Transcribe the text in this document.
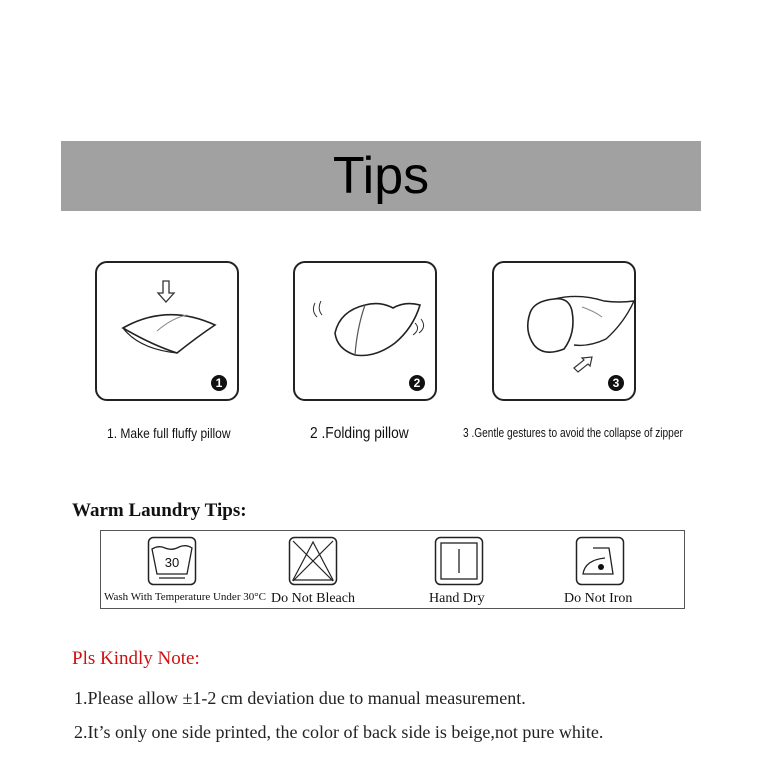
Tips
1
1. Make full fluffy pillow
2
2 .Folding pillow
3
3 .Gentle gestures to avoid the collapse of zipper
Warm Laundry Tips:
30
Wash With Temperature Under 30°C Do Not Bleach	Hand Dry	Do Not Iron
Pls Kindly Note:
1.Please allow ±1-2 cm deviation due to manual measurement.
2.It’s only one side printed, the color of back side is beige,not pure white.
